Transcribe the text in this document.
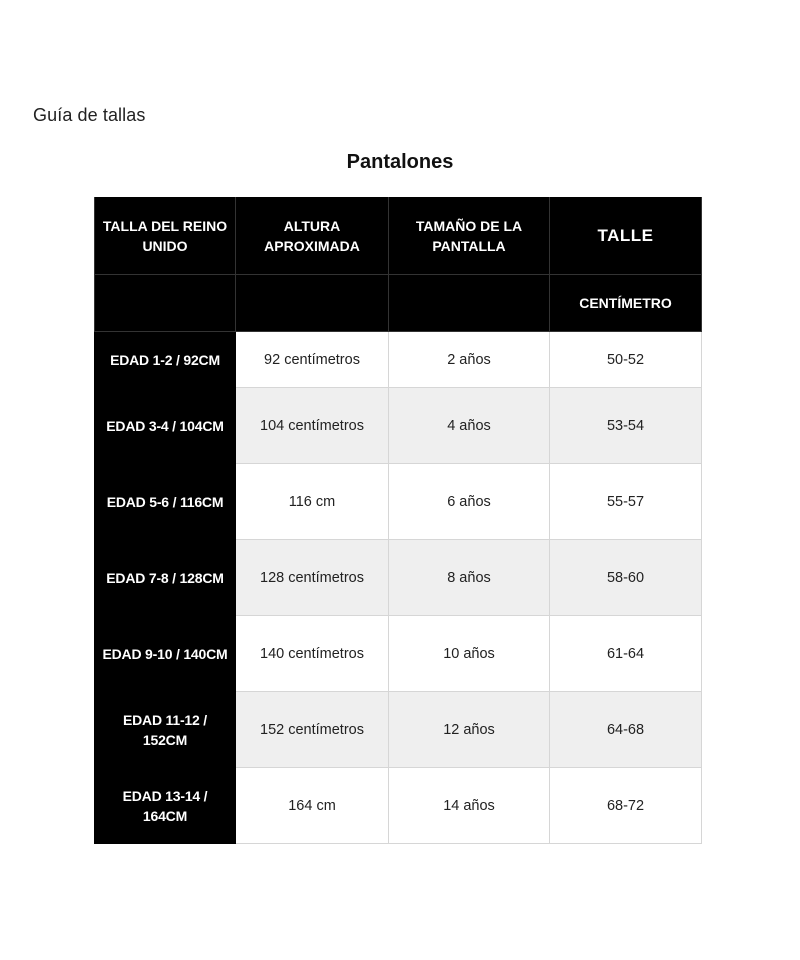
Guía de tallas
Pantalones
TALLA DEL REINO UNIDO	ALTURA APROXIMADA	TAMAÑO DE LA PANTALLA	TALLE
			CENTÍMETRO
EDAD 1-2 / 92CM	92 centímetros	2 años	50-52
EDAD 3-4 / 104CM	104 centímetros	4 años	53-54
EDAD 5-6 / 116CM	116 cm	6 años	55-57
EDAD 7-8 / 128CM	128 centímetros	8 años	58-60
EDAD 9-10 / 140CM	140 centímetros	10 años	61-64
EDAD 11-12 / 152CM	152 centímetros	12 años	64-68
EDAD 13-14 / 164CM	164 cm	14 años	68-72
